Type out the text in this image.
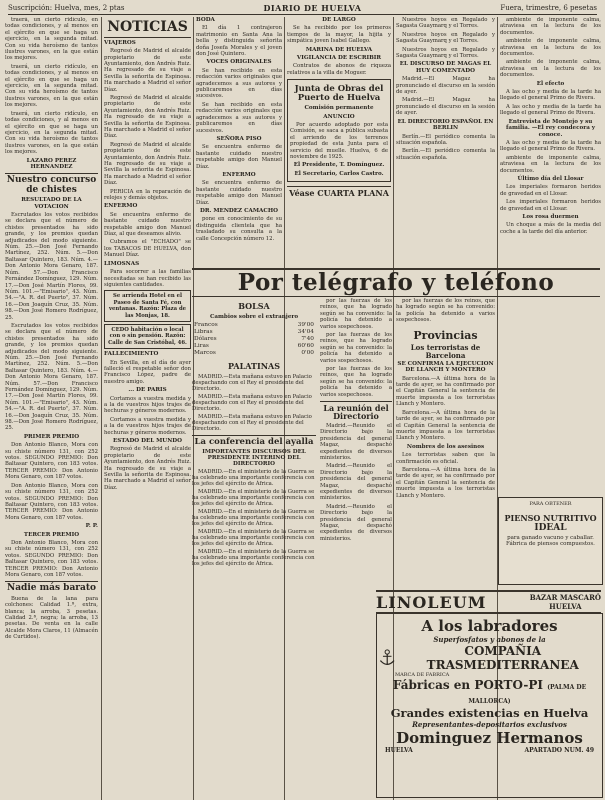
Suscripción: Huelva, mes, 2 ptas	DIARIO DE HUELVA	Fuera, trimestre, 6 pesetas

traerá, un cierto ridículo, en todas condiciones, y al menos en el ejército en que se haga un ejercicio, en la segunda mitad. Con su vida heroísmo de tantos ilustres varones, en la que están los mejores.

traerá, un cierto ridículo, en todas condiciones, y al menos en el ejército en que se haga un ejercicio, en la segunda mitad. Con su vida heroísmo de tantos ilustres varones, en la que están los mejores.

traerá, un cierto ridículo, en todas condiciones, y al menos en el ejército en que se haga un ejercicio, en la segunda mitad. Con su vida heroísmo de tantos ilustres varones, en la que están los mejores.

LAZARO PEREZ HERNANDEZ
Nuestro concurso de chistes
RESULTADO DE LA VOTACION

Escrutados los votos recibidos se declara que el número de chistes presentados ha sido grande, y los premios quedan adjudicados del modo siguiente. Núm. 25.—Don José Fernando Martínez, 252. Núm. 5.—Don Baltasar Quintero, 183. Núm. 4.—Don Antonio Mora Genaro, 187. Núm. 57.—Don Francisco Fernández Domínguez, 129. Núm. 17.—Don José Martín Flores, 99. Núm. 101.—"Emisario", 43. Núm. 54.—"A. R. del Puerto", 37. Núm. 16.—Don Joaquín Cruz, 35. Núm. 98.—Don José Romero Rodríguez, 25.

Escrutados los votos recibidos se declara que el número de chistes presentados ha sido grande, y los premios quedan adjudicados del modo siguiente. Núm. 25.—Don José Fernando Martínez, 252. Núm. 5.—Don Baltasar Quintero, 183. Núm. 4.—Don Antonio Mora Genaro, 187. Núm. 57.—Don Francisco Fernández Domínguez, 129. Núm. 17.—Don José Martín Flores, 99. Núm. 101.—"Emisario", 43. Núm. 54.—"A. R. del Puerto", 37. Núm. 16.—Don Joaquín Cruz, 35. Núm. 98.—Don José Romero Rodríguez, 25.

PRIMER PREMIO

Don Antonio Blanco, Mora con su chiste número 131, con 252 votos. SEGUNDO PREMIO: Don Baltasar Quintero, con 183 votos. TERCER PREMIO: Don Antonio Mora Genaro, con 187 votos.

Don Antonio Blanco, Mora con su chiste número 131, con 252 votos. SEGUNDO PREMIO: Don Baltasar Quintero, con 183 votos. TERCER PREMIO: Don Antonio Mora Genaro, con 187 votos.

P. P.
TERCER PREMIO

Don Antonio Blanco, Mora con su chiste número 131, con 252 votos. SEGUNDO PREMIO: Don Baltasar Quintero, con 183 votos. TERCER PREMIO: Don Antonio Mora Genaro, con 187 votos.

Nadie más barato

Buena de la lana para colchones: Calidad 1.ª, extra, blanca; la arroba, 3 pesetas. Calidad 2.ª, negra; la arroba, 13 pesetas. De venta en la calle Alcalde Mora Claros, 11 (Almacén de Curtidos).

NOTICIAS
VIAJEROS

Regresó de Madrid el alcalde propietario de este Ayuntamiento, don Andrés Ruiz. Ha regresado de su viaje a Sevilla la señorita de Espinosa. Ha marchado a Madrid el señor Díaz.

Regresó de Madrid el alcalde propietario de este Ayuntamiento, don Andrés Ruiz. Ha regresado de su viaje a Sevilla la señorita de Espinosa. Ha marchado a Madrid el señor Díaz.

Regresó de Madrid el alcalde propietario de este Ayuntamiento, don Andrés Ruiz. Ha regresado de su viaje a Sevilla la señorita de Espinosa. Ha marchado a Madrid el señor Díaz.

PERICIA en la reparación de relojes y demás objetos.

ENFERMO

Se encuentra enfermo de bastante cuidado nuestro respetable amigo don Manuel Díaz, al que deseamos alivio.

Cubramos el "ECHADO" se los TABACOS DE HUELVA, don Manuel Díaz.

LIMOSNAS

Para socorrer a las familias necesitadas se han recibido las siguientes cantidades.

Se arrienda Hotel en el Paseo de Santa Fé, con ventanas. Razón: Plaza de las Monjas, 18.
CEDO habitación o local con o sin pensión. Razón: Calle de San Cristóbal, 46.
FALLECIMIENTO

En Sevilla, en el día de ayer falleció el respetable señor don Francisco López, padre de nuestro amigo.

... DE PARIS

Cortamos a vuestra medida y a la de vuestros hijos trajes de hechuras y géneros modernos.

Cortamos a vuestra medida y a la de vuestros hijos trajes de hechuras y géneros modernos.

ESTADO DEL MUNDO

Regresó de Madrid el alcalde propietario de este Ayuntamiento, don Andrés Ruiz. Ha regresado de su viaje a Sevilla la señorita de Espinosa. Ha marchado a Madrid el señor Díaz.

BODA

El día 1 contrajeron matrimonio en Santa Ana la bella y distinguida señorita doña Josefa Morales y el joven don José Quintero.

VOCES ORIGINALES

Se han recibido en esta redacción varios originales que agradecemos a sus autores y publicaremos en días sucesivos.

Se han recibido en esta redacción varios originales que agradecemos a sus autores y publicaremos en días sucesivos.

SEÑORA PISO

Se encuentra enfermo de bastante cuidado nuestro respetable amigo don Manuel Díaz.

ENFERMO

Se encuentra enfermo de bastante cuidado nuestro respetable amigo don Manuel Díaz.

DR. MENDEZ CAMACHO

pone en conocimiento de su distinguida clientela que ha trasladado su consulta a la calle Concepción número 12.

DE LARGO

Se ha recibido por los primeros tiempos de la mayor, la hijita y simpática joven Isabel Gallego.

MARINA DE HUELVA
VIGILANCIA DE ESCRIBIR

Contratos de abonos de riqueza relativos a la villa de Moguer.

Junta de Obras del Puerto de Huelva
Comisión permanente
ANUNCIO

Por acuerdo adoptado por esta Comisión, se saca a pública subasta el arriendo de los terrenos propiedad de esta Junta para el servicio del muelle. Huelva, 6 de noviembre de 1925.

El Presidente, T. Domínguez.
El Secretario, Carlos Castro.
Véase CUARTA PLANA

Nuestros hoyos en Regalado y Sagasta Guaymarq y el Torres.

Nuestros hoyos en Regalado y Sagasta Guaymarq y el Torres.

Nuestros hoyos en Regalado y Sagasta Guaymarq y el Torres.

EL DISCURSO DE MAGAS EL HUY COMENTADO

Madrid.—El Magaz ha pronunciado el discurso en la sesión de ayer.

Madrid.—El Magaz ha pronunciado el discurso en la sesión de ayer.

EL DIRECTORIO ESPAÑOL EN BERLIN

Berlín.—El periódico comenta la situación española.

Berlín.—El periódico comenta la situación española.

ambiente de imponente calma, atraviesa en la lectura de los documentos.

ambiente de imponente calma, atraviesa en la lectura de los documentos.

ambiente de imponente calma, atraviesa en la lectura de los documentos.

El efecto

A las ocho y media de la tarde ha llegado el general Primo de Rivera.

A las ocho y media de la tarde ha llegado el general Primo de Rivera.

Entrevista de Montejo y su familia. —El rey condecora y conoce.

A las ocho y media de la tarde ha llegado el general Primo de Rivera.

ambiente de imponente calma, atraviesa en la lectura de los documentos.

Último día del Llosar

Los imperiales formaron heridos de gravedad en el Llosar.

Los imperiales formaron heridos de gravedad en el Llosar.

Los rosa duermen

Un choque a más de la media del coche a la tarde del día anterior.

Por telégrafo y teléfono
BOLSA
Cambios sobre el extranjero
Francos	39'00
Libras	34'04
Dólares	7'40
Liras	60'60
Marcos	0'00
PALATINAS

MADRID.—Esta mañana estuvo en Palacio despachando con el Rey el presidente del Directorio.

MADRID.—Esta mañana estuvo en Palacio despachando con el Rey el presidente del Directorio.

MADRID.—Esta mañana estuvo en Palacio despachando con el Rey el presidente del Directorio.

La conferencia del ayalla
IMPORTANTES DISCURSOS DEL PRESIDENTE INTERINO DEL DIRECTORIO

MADRID.—En el ministerio de la Guerra se ha celebrado una importante conferencia con los jefes del ejército de África.

MADRID.—En el ministerio de la Guerra se ha celebrado una importante conferencia con los jefes del ejército de África.

MADRID.—En el ministerio de la Guerra se ha celebrado una importante conferencia con los jefes del ejército de África.

MADRID.—En el ministerio de la Guerra se ha celebrado una importante conferencia con los jefes del ejército de África.

MADRID.—En el ministerio de la Guerra se ha celebrado una importante conferencia con los jefes del ejército de África.

por las fuerzas de los reinos, que ha logrado según se ha convenido: la policía ha detenido a varios sospechosos.

por las fuerzas de los reinos, que ha logrado según se ha convenido: la policía ha detenido a varios sospechosos.

por las fuerzas de los reinos, que ha logrado según se ha convenido: la policía ha detenido a varios sospechosos.

La reunión del Directorio

Madrid.—Reunido el Directorio bajo la presidencia del general Magaz, despachó expedientes de diversos ministerios.

Madrid.—Reunido el Directorio bajo la presidencia del general Magaz, despachó expedientes de diversos ministerios.

Madrid.—Reunido el Directorio bajo la presidencia del general Magaz, despachó expedientes de diversos ministerios.

por las fuerzas de los reinos, que ha logrado según se ha convenido: la policía ha detenido a varios sospechosos.

Provincias
Los terroristas de Barcelona
SE CONFIRMA LA EJECUCION DE LLANCH Y MONTERO

Barcelona.—A última hora de la tarde de ayer, se ha confirmado por el Capitán General la sentencia de muerte impuesta a los terroristas Llanch y Montero.

Barcelona.—A última hora de la tarde de ayer, se ha confirmado por el Capitán General la sentencia de muerte impuesta a los terroristas Llanch y Montero.

Nombres de los asesinos

Los terroristas saben que la confirmación es oficial.

Barcelona.—A última hora de la tarde de ayer, se ha confirmado por el Capitán General la sentencia de muerte impuesta a los terroristas Llanch y Montero.

PARA OBTENER
PIENSO NUTRITIVO
IDEAL
para ganado vacuno y caballar. Fábrica de piensos compuestos.
LINOLEUM	BAZAR MASCARÓ
HUELVA
A los labradores
Superfosfatos y abonos de la
COMPAÑIA TRASMEDITERRANEA
MARCA DE FABRICA
Fábricas en PORTO-PI (PALMA DE MALLORCA)
Grandes existencias en Huelva
Representantes-depositarios exclusivos
Dominguez Hermanos
HUELVA	APARTADO NUM. 49
